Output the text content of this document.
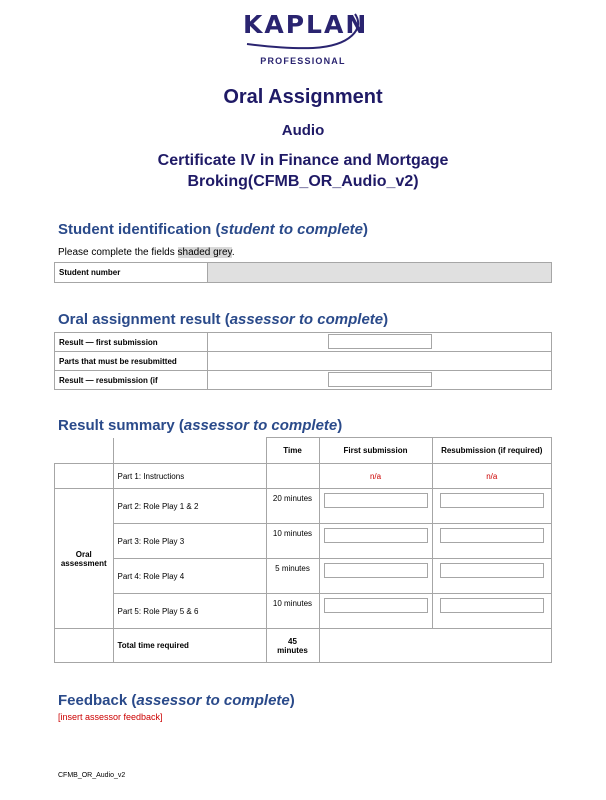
KAPLAN
PROFESSIONAL
Oral Assignment
Audio
Certificate IV in Finance and Mortgage
Broking(CFMB_OR_Audio_v2)
Student identification (student to complete)
Please complete the fields shaded grey.
Student number	
Oral assignment result (assessor to complete)
Result — first submission	
Parts that must be resubmitted	
Result — resubmission (if	
Result summary (assessor to complete)
		Time	First submission	Resubmission (if required)
	Part 1: Instructions		n/a	n/a

Oral
assessment	Part 2: Role Play 1 & 2	20 minutes		
	Part 3: Role Play 3	10 minutes		
	Part 4: Role Play 4	5 minutes		
	Part 5: Role Play 5 & 6	10 minutes		
	Total time required	45
minutes		

Feedback (assessor to complete)
[insert assessor feedback]
CFMB_OR_Audio_v2
